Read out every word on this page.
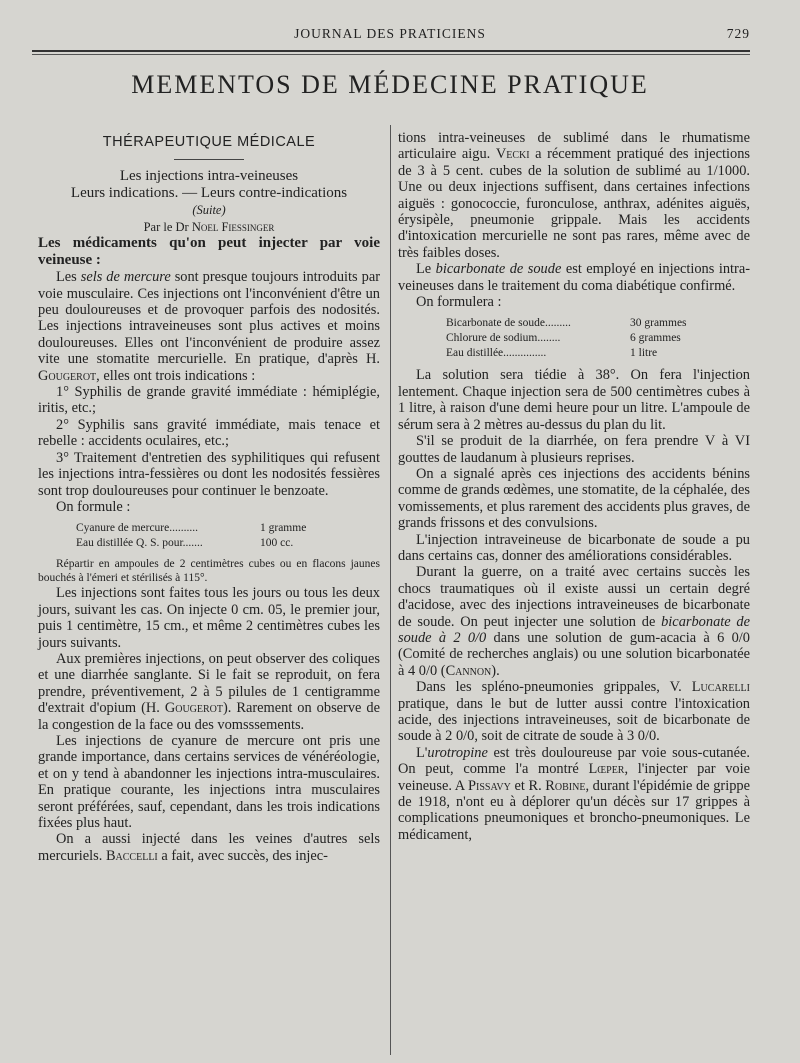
JOURNAL DES PRATICIENS	729
MEMENTOS DE MÉDECINE PRATIQUE
THÉRAPEUTIQUE MÉDICALE

Les injections intra-veineuses

Leurs indications. — Leurs contre-indications

(Suite)

Par le Dr Noel Fiessinger

Les médicaments qu'on peut injecter par voie veineuse :

Les sels de mercure sont presque toujours introduits par voie musculaire. Ces injections ont l'inconvénient d'être un peu douloureuses et de provoquer parfois des nodosités. Les injections intraveineuses sont plus actives et moins douloureuses. Elles ont l'inconvénient de produire assez vite une stomatite mercurielle. En pratique, d'après H. Gougerot, elles ont trois indications :

1° Syphilis de grande gravité immédiate : hémiplégie, iritis, etc.;

2° Syphilis sans gravité immédiate, mais tenace et rebelle : accidents oculaires, etc.;

3° Traitement d'entretien des syphilitiques qui refusent les injections intra-fessières ou dont les nodosités fessières sont trop douloureuses pour continuer le benzoate.

On formule :

Cyanure de mercure..........	1 gramme
Eau distillée Q. S. pour.......	100 cc.

Répartir en ampoules de 2 centimètres cubes ou en flacons jaunes bouchés à l'émeri et stérilisés à 115°.

Les injections sont faites tous les jours ou tous les deux jours, suivant les cas. On injecte 0 cm. 05, le premier jour, puis 1 centimètre, 15 cm., et même 2 centimètres cubes les jours suivants.

Aux premières injections, on peut observer des coliques et une diarrhée sanglante. Si le fait se reproduit, on fera prendre, préventivement, 2 à 5 pilules de 1 centigramme d'extrait d'opium (H. Gougerot). Rarement on observe de la congestion de la face ou des vomsssements.

Les injections de cyanure de mercure ont pris une grande importance, dans certains services de vénéréologie, et on y tend à abandonner les injections intra-musculaires. En pratique courante, les injections intra musculaires seront préférées, sauf, cependant, dans les trois indications fixées plus haut.

On a aussi injecté dans les veines d'autres sels mercuriels. Baccelli a fait, avec succès, des injec-

tions intra-veineuses de sublimé dans le rhumatisme articulaire aigu. Vecki a récemment pratiqué des injections de 3 à 5 cent. cubes de la solution de sublimé au 1/1000. Une ou deux injections suffisent, dans certaines infections aiguës : gonococcie, furonculose, anthrax, adénites aiguës, érysipèle, pneumonie grippale. Mais les accidents d'intoxication mercurielle ne sont pas rares, même avec de très faibles doses.

Le bicarbonate de soude est employé en injections intra-veineuses dans le traitement du coma diabétique confirmé.

On formulera :

Bicarbonate de soude.........	30 grammes
Chlorure de sodium........	6 grammes
Eau distillée...............	1 litre

La solution sera tiédie à 38°. On fera l'injection lentement. Chaque injection sera de 500 centimètres cubes à 1 litre, à raison d'une demi heure pour un litre. L'ampoule de sérum sera à 2 mètres au-dessus du plan du lit.

S'il se produit de la diarrhée, on fera prendre V à VI gouttes de laudanum à plusieurs reprises.

On a signalé après ces injections des accidents bénins comme de grands œdèmes, une stomatite, de la céphalée, des vomissements, et plus rarement des accidents plus graves, de grands frissons et des convulsions.

L'injection intraveineuse de bicarbonate de soude a pu dans certains cas, donner des améliorations considérables.

Durant la guerre, on a traité avec certains succès les chocs traumatiques où il existe aussi un certain degré d'acidose, avec des injections intraveineuses de bicarbonate de soude. On peut injecter une solution de bicarbonate de soude à 2 0/0 dans une solution de gum-acacia à 6 0/0 (Comité de recherches anglais) ou une solution bicarbonatée à 4 0/0 (Cannon).

Dans les spléno-pneumonies grippales, V. Lucarelli pratique, dans le but de lutter aussi contre l'intoxication acide, des injections intraveineuses, soit de bicarbonate de soude à 2 0/0, soit de citrate de soude à 3 0/0.

L'urotropine est très douloureuse par voie sous-cutanée. On peut, comme l'a montré Lœper, l'injecter par voie veineuse. A Pissavy et R. Robine, durant l'épidémie de grippe de 1918, n'ont eu à déplorer qu'un décès sur 17 grippes à complications pneumoniques et broncho-pneumoniques. Le médicament,
